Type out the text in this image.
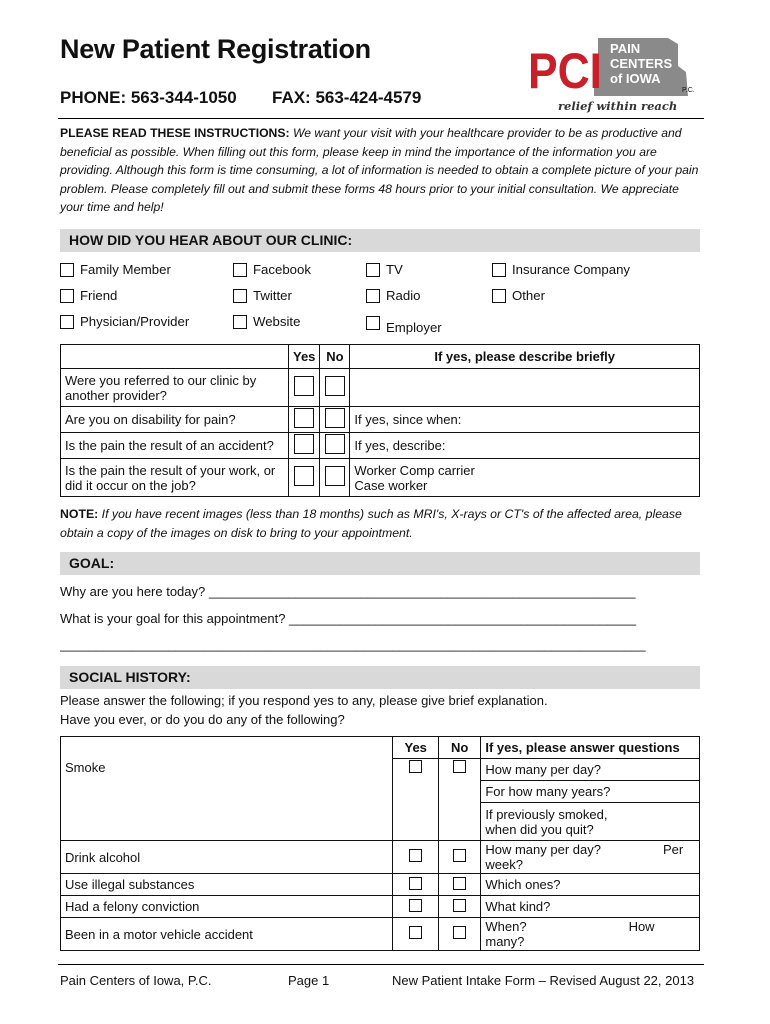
New Patient Registration
PHONE: 563-344-1050 FAX: 563-424-4579 PCI PAIN
CENTERS
of IOWA
P.C.
relief within reach
PLEASE READ THESE INSTRUCTIONS: We want your visit with your healthcare provider to be as productive and beneficial as possible. When filling out this form, please keep in mind the importance of the information you are providing. Although this form is time consuming, a lot of information is needed to obtain a complete picture of your pain problem. Please completely fill out and submit these forms 48 hours prior to your initial consultation. We appreciate your time and help!
HOW DID YOU HEAR ABOUT OUR CLINIC:
Family Member	Facebook	TV	Insurance Company
Friend	Twitter	Radio	Other
Physician/Provider	Website	Employer
	Yes	No	If yes, please describe briefly
Were you referred to our clinic by another provider?			
Are you on disability for pain?			If yes, since when:
Is the pain the result of an accident?			If yes, describe:
Is the pain the result of your work, or did it occur on the job?			Worker Comp carrier
Case worker
NOTE: If you have recent images (less than 18 months) such as MRI's, X-rays or CT's of the affected area, please obtain a copy of the images on disk to bring to your appointment.
GOAL:
Why are you here today? ___________________________________________________________
What is your goal for this appointment? ________________________________________________
_________________________________________________________________________________
SOCIAL HISTORY:
Please answer the following; if you respond yes to any, please give brief explanation.
Have you ever, or do you do any of the following?
	Yes	No	If yes, please answer questions
Smoke			How many per day?
			For how many years?

			If previously smoked, when did you quit?

Drink alcohol			How many per day? Per week?
Use illegal substances			Which ones?
Had a felony conviction			What kind?
Been in a motor vehicle accident			When? How many?
Pain Centers of Iowa, P.C.	Page 1	New Patient Intake Form – Revised August 22, 2013
